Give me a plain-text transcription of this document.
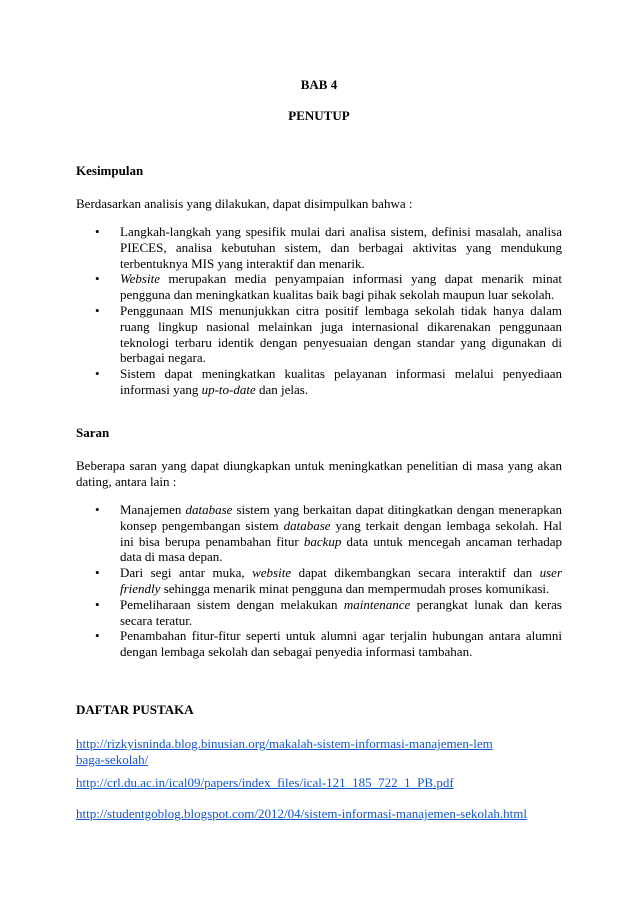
BAB 4
PENUTUP
Kesimpulan
Berdasarkan analisis yang dilakukan, dapat disimpulkan bahwa :
• Langkah-langkah yang spesifik mulai dari analisa sistem, definisi masalah, analisa PIECES, analisa kebutuhan sistem, dan berbagai aktivitas yang mendukung terbentuknya MIS yang interaktif dan menarik.
• Website merupakan media penyampaian informasi yang dapat menarik minat pengguna dan meningkatkan kualitas baik bagi pihak sekolah maupun luar sekolah.
• Penggunaan MIS menunjukkan citra positif lembaga sekolah tidak hanya dalam ruang lingkup nasional melainkan juga internasional dikarenakan penggunaan teknologi terbaru identik dengan penyesuaian dengan standar yang digunakan di berbagai negara.
• Sistem dapat meningkatkan kualitas pelayanan informasi melalui penyediaan informasi yang up-to-date dan jelas.
Saran
Beberapa saran yang dapat diungkapkan untuk meningkatkan penelitian di masa yang akan dating, antara lain :
• Manajemen database sistem yang berkaitan dapat ditingkatkan dengan menerapkan konsep pengembangan sistem database yang terkait dengan lembaga sekolah. Hal ini bisa berupa penambahan fitur backup data untuk mencegah ancaman terhadap data di masa depan.
• Dari segi antar muka, website dapat dikembangkan secara interaktif dan user friendly sehingga menarik minat pengguna dan mempermudah proses komunikasi.
• Pemeliharaan sistem dengan melakukan maintenance perangkat lunak dan keras secara teratur.
• Penambahan fitur-fitur seperti untuk alumni agar terjalin hubungan antara alumni dengan lembaga sekolah dan sebagai penyedia informasi tambahan.
DAFTAR PUSTAKA
http://rizkyisninda.blog.binusian.org/makalah-sistem-informasi-manajemen-lembaga-sekolah/
http://crl.du.ac.in/ical09/papers/index_files/ical-121_185_722_1_PB.pdf
http://studentgoblog.blogspot.com/2012/04/sistem-informasi-manajemen-sekolah.html
